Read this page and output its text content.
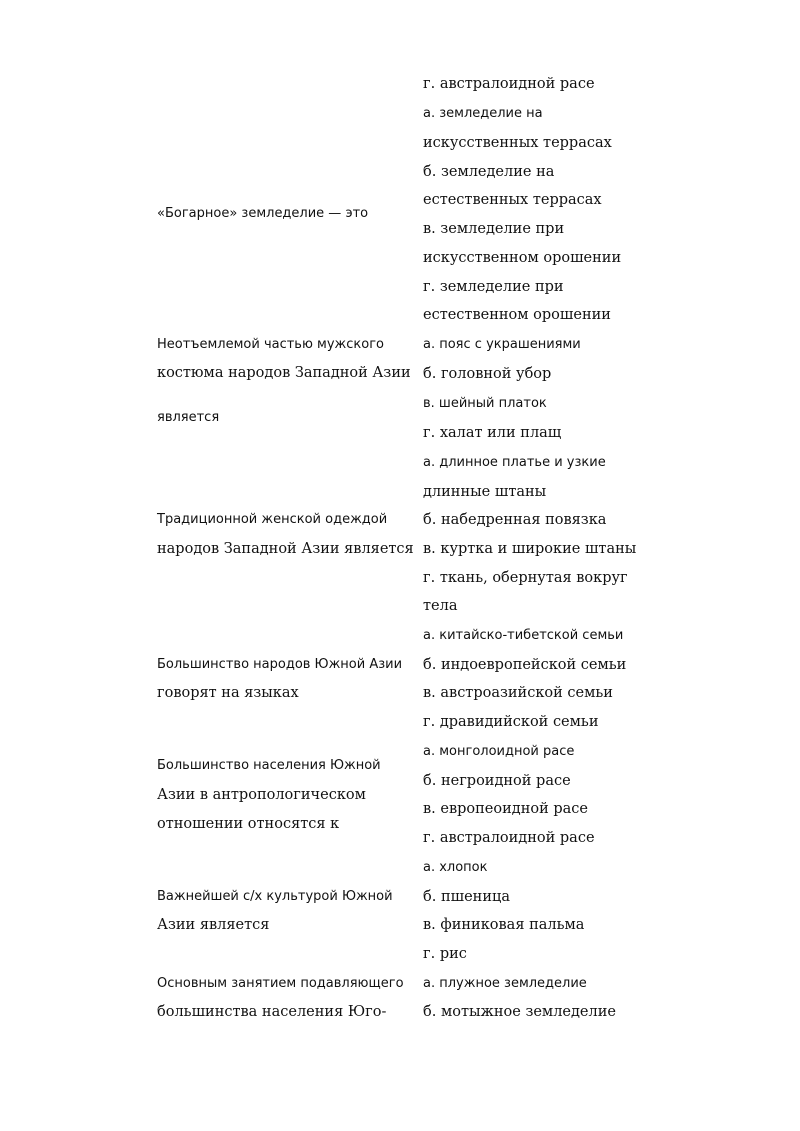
г. австралоидной расе
«Богарное» земледелие — это
а. земледелие на
искусственных террасах
б. земледелие на
естественных террасах
в. земледелие при
искусственном орошении
г. земледелие при
естественном орошении
Неотъемлемой частью мужского
костюма народов Западной Азии
является
а. пояс с украшениями
б. головной убор
в. шейный платок
г. халат или плащ
Традиционной женской одеждой
народов Западной Азии является
а. длинное платье и узкие
длинные штаны
б. набедренная повязка
в. куртка и широкие штаны
г. ткань, обернутая вокруг
тела
Большинство народов Южной Азии
говорят на языках
а. китайско-тибетской семьи
б. индоевропейской семьи
в. австроазийской семьи
г. дравидийской семьи
Большинство населения Южной
Азии в антропологическом
отношении относятся к
а. монголоидной расе
б. негроидной расе
в. европеоидной расе
г. австралоидной расе
Важнейшей с/х культурой Южной
Азии является
а. хлопок
б. пшеница
в. финиковая пальма
г. рис
Основным занятием подавляющего
большинства населения Юго-
а. плужное земледелие
б. мотыжное земледелие
